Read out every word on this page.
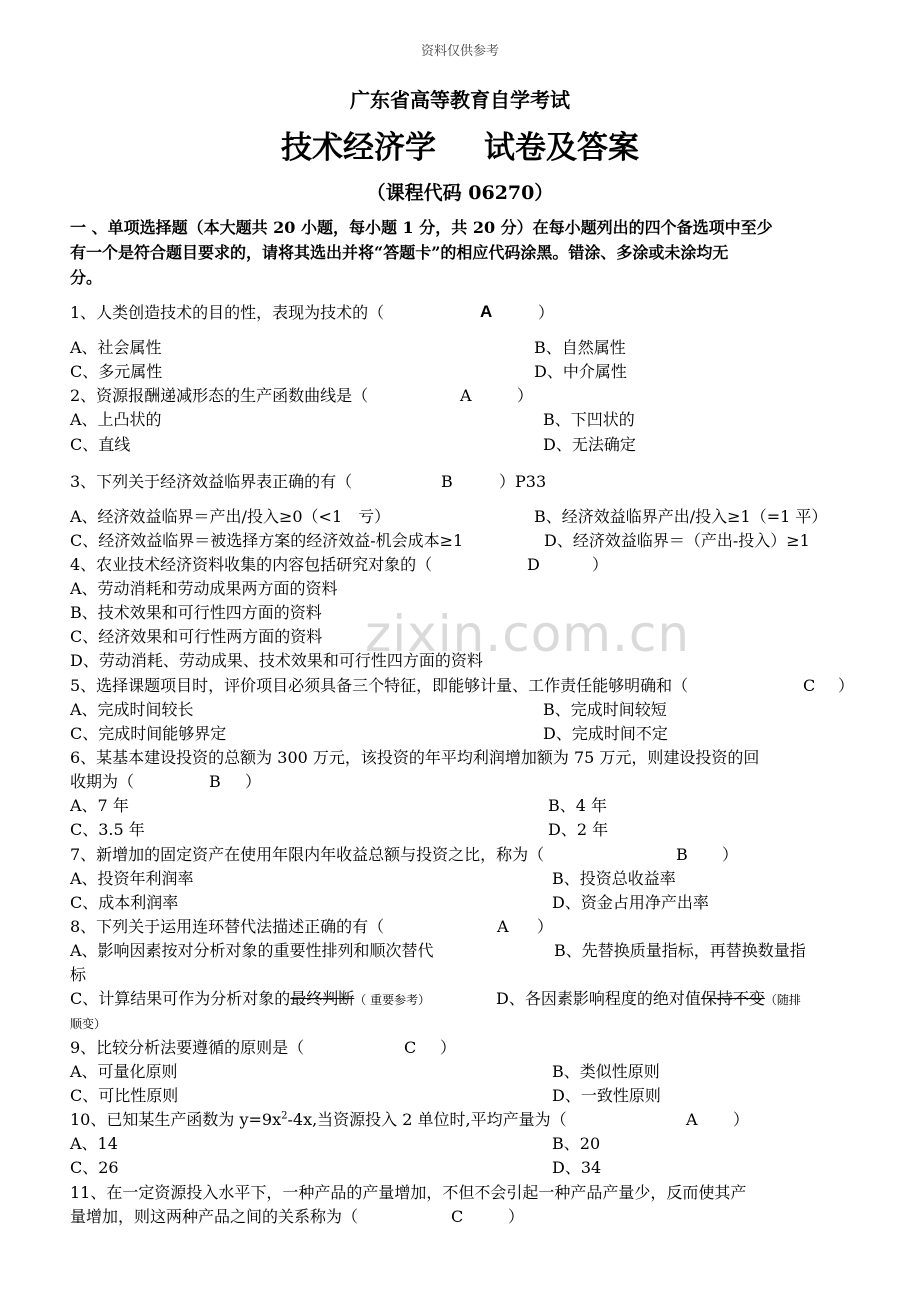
资料仅供参考
广东省高等教育自学考试
技术经济学 试卷及答案
（课程代码 06270）
zixin.com.cn
一 、单项选择题（本大题共 20 小题，每小题 1 分，共 20 分）在每小题列出的四个备选项中至少
有一个是符合题目要求的，请将其选出并将“答题卡”的相应代码涂黑。错涂、多涂或未涂均无
分。
1、人类创造技术的目的性，表现为技术的（	A	）
A、社会属性	B、自然属性
C、多元属性	D、中介属性
2、资源报酬递减形态的生产函数曲线是（	A	）
A、上凸状的	B、下凹状的
C、直线	D、无法确定
3、下列关于经济效益临界表正确的有（	B	）P33
A、经济效益临界＝产出/投入≥0（<1　亏）	B、经济效益临界产出/投入≥1（=1 平）
C、经济效益临界＝被选择方案的经济效益-机会成本≥1	D、经济效益临界＝（产出-投入）≥1
4、农业技术经济资料收集的内容包括研究对象的（	D	）
A、劳动消耗和劳动成果两方面的资料
B、技术效果和可行性四方面的资料
C、经济效果和可行性两方面的资料
D、劳动消耗、劳动成果、技术效果和可行性四方面的资料
5、选择课题项目时，评价项目必须具备三个特征，即能够计量、工作责任能够明确和（	C ）
A、完成时间较长	B、完成时间较短
C、完成时间能够界定	D、完成时间不定
6、某基本建设投资的总额为 300 万元，该投资的年平均利润增加额为 75 万元，则建设投资的回
收期为（	B ）
A、7 年	B、4 年
C、3.5 年	D、2 年
7、新增加的固定资产在使用年限内年收益总额与投资之比，称为（	B ）
A、投资年利润率	B、投资总收益率
C、成本利润率	D、资金占用净产出率
8、下列关于运用连环替代法描述正确的有（	A ）
A、影响因素按对分析对象的重要性排列和顺次替代	B、先替换质量指标，再替换数量指
标
C、计算结果可作为分析对象的最终判断（ 重要参考）	D、各因素影响程度的绝对值保持不变（随排
顺变）
9、比较分析法要遵循的原则是（	C ）
A、可量化原则	B、类似性原则
C、可比性原则	D、一致性原则
10、已知某生产函数为 $y=9x^2-4x$,当资源投入 2 单位时,平均产量为（	A ）
A、14	B、20
C、26	D、34
11、在一定资源投入水平下，一种产品的产量增加，不但不会引起一种产品产量少，反而使其产
量增加，则这两种产品之间的关系称为（	C	）
